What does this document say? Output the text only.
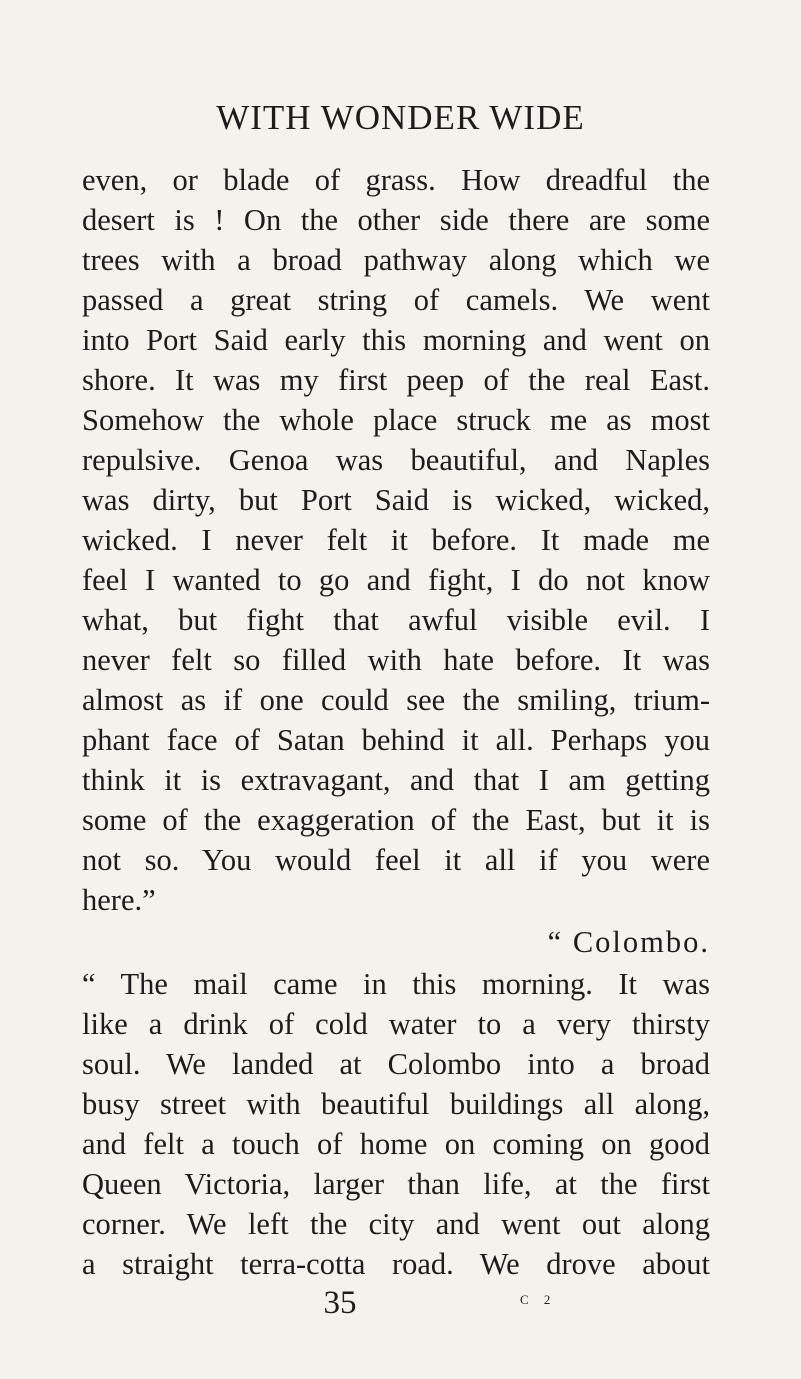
WITH WONDER WIDE
even, or blade of grass. How dreadful the
desert is ! On the other side there are some
trees with a broad pathway along which we
passed a great string of camels. We went
into Port Said early this morning and went on
shore. It was my first peep of the real East.
Somehow the whole place struck me as most
repulsive. Genoa was beautiful, and Naples
was dirty, but Port Said is wicked, wicked,
wicked. I never felt it before. It made me
feel I wanted to go and fight, I do not know
what, but fight that awful visible evil. I
never felt so filled with hate before. It was
almost as if one could see the smiling, trium-
phant face of Satan behind it all. Perhaps you
think it is extravagant, and that I am getting
some of the exaggeration of the East, but it is
not so. You would feel it all if you were
here.”
“ Colombo.
“ The mail came in this morning. It was
like a drink of cold water to a very thirsty
soul. We landed at Colombo into a broad
busy street with beautiful buildings all along,
and felt a touch of home on coming on good
Queen Victoria, larger than life, at the first
corner. We left the city and went out along
a straight terra-cotta road. We drove about
35	C 2
